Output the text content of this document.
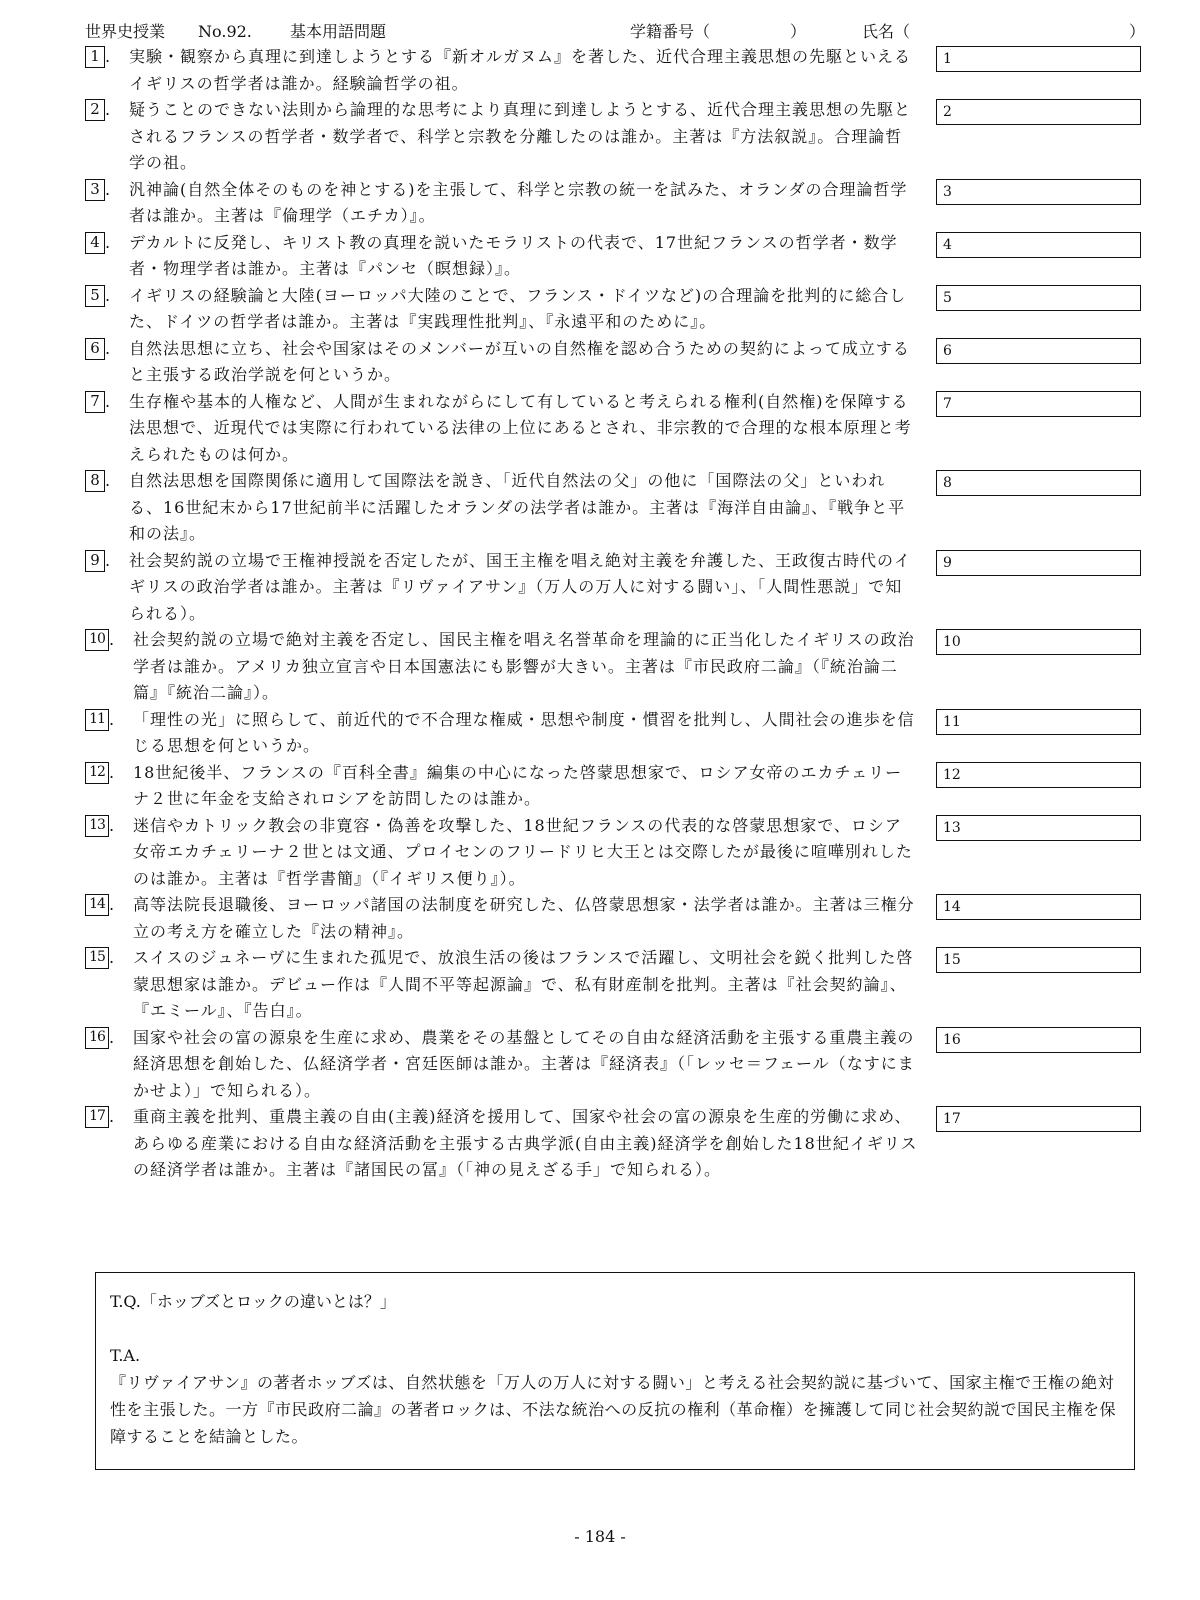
世界史授業 No.92. 基本用語問題	学籍番号（　　　　　）	氏名（	）
1 .	実験・観察から真理に到達しようとする『新オルガヌム』を著した、近代合理主義思想の先駆といえるイギリスの哲学者は誰か。経験論哲学の祖。
1
2 .	疑うことのできない法則から論理的な思考により真理に到達しようとする、近代合理主義思想の先駆とされるフランスの哲学者・数学者で、科学と宗教を分離したのは誰か。主著は『方法叙説』。合理論哲学の祖。
2
3 .	汎神論(自然全体そのものを神とする)を主張して、科学と宗教の統一を試みた、オランダの合理論哲学者は誰か。主著は『倫理学（エチカ）』。
3
4 .	デカルトに反発し、キリスト教の真理を説いたモラリストの代表で、17世紀フランスの哲学者・数学者・物理学者は誰か。主著は『パンセ（瞑想録）』。
4
5 .	イギリスの経験論と大陸(ヨーロッパ大陸のことで、フランス・ドイツなど)の合理論を批判的に総合した、ドイツの哲学者は誰か。主著は『実践理性批判』、『永遠平和のために』。
5
6 .	自然法思想に立ち、社会や国家はそのメンバーが互いの自然権を認め合うための契約によって成立すると主張する政治学説を何というか。
6
7 .	生存権や基本的人権など、人間が生まれながらにして有していると考えられる権利(自然権)を保障する法思想で、近現代では実際に行われている法律の上位にあるとされ、非宗教的で合理的な根本原理と考えられたものは何か。
7
8 .	自然法思想を国際関係に適用して国際法を説き、「近代自然法の父」の他に「国際法の父」といわれる、16世紀末から17世紀前半に活躍したオランダの法学者は誰か。主著は『海洋自由論』、『戦争と平和の法』。
8
9 .	社会契約説の立場で王権神授説を否定したが、国王主権を唱え絶対主義を弁護した、王政復古時代のイギリスの政治学者は誰か。主著は『リヴァイアサン』（万人の万人に対する闘い」、「人間性悪説」で知られる）。
9
10 .	社会契約説の立場で絶対主義を否定し、国民主権を唱え名誉革命を理論的に正当化したイギリスの政治学者は誰か。アメリカ独立宣言や日本国憲法にも影響が大きい。主著は『市民政府二論』（『統治論二篇』『統治二論』）。
10
11 .	「理性の光」に照らして、前近代的で不合理な権威・思想や制度・慣習を批判し、人間社会の進歩を信じる思想を何というか。
11
12 .	18世紀後半、フランスの『百科全書』編集の中心になった啓蒙思想家で、ロシア女帝のエカチェリーナ２世に年金を支給されロシアを訪問したのは誰か。
12
13 .	迷信やカトリック教会の非寛容・偽善を攻撃した、18世紀フランスの代表的な啓蒙思想家で、ロシア女帝エカチェリーナ２世とは文通、プロイセンのフリードリヒ大王とは交際したが最後に喧嘩別れしたのは誰か。主著は『哲学書簡』（『イギリス便り』）。
13
14 .	高等法院長退職後、ヨーロッパ諸国の法制度を研究した、仏啓蒙思想家・法学者は誰か。主著は三権分立の考え方を確立した『法の精神』。
14
15 .	スイスのジュネーヴに生まれた孤児で、放浪生活の後はフランスで活躍し、文明社会を鋭く批判した啓蒙思想家は誰か。デビュー作は『人間不平等起源論』で、私有財産制を批判。主著は『社会契約論』、『エミール』、『告白』。
15
16 .	国家や社会の富の源泉を生産に求め、農業をその基盤としてその自由な経済活動を主張する重農主義の経済思想を創始した、仏経済学者・宮廷医師は誰か。主著は『経済表』（「レッセ＝フェール（なすにまかせよ）」で知られる）。
16
17 .	重商主義を批判、重農主義の自由(主義)経済を援用して、国家や社会の富の源泉を生産的労働に求め、あらゆる産業における自由な経済活動を主張する古典学派(自由主義)経済学を創始した18世紀イギリスの経済学者は誰か。主著は『諸国民の冨』（「神の見えざる手」で知られる）。
17
T.Q.「ホッブズとロックの違いとは？」
T.A.
『リヴァイアサン』の著者ホッブズは、自然状態を「万人の万人に対する闘い」と考える社会契約説に基づいて、国家主権で王権の絶対性を主張した。一方『市民政府二論』の著者ロックは、不法な統治への反抗の権利（革命権）を擁護して同じ社会契約説で国民主権を保障することを結論とした。
- 184 -
